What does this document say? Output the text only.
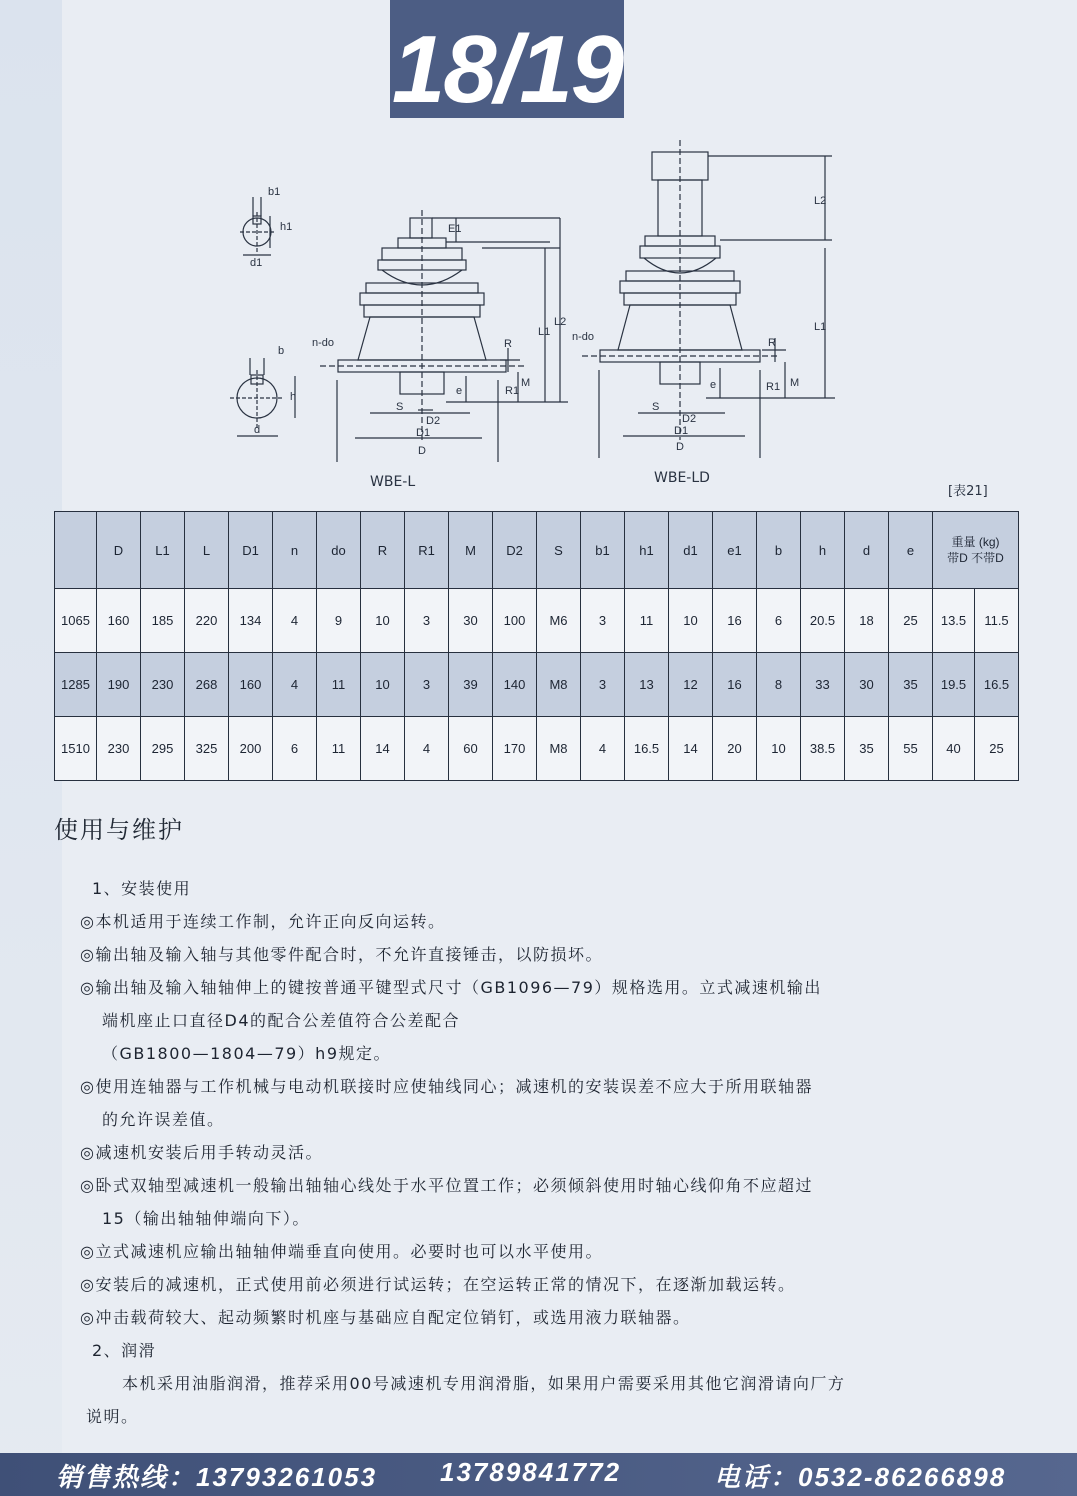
18/19
b1
h1
d1
b
h
d
E1
L1
L2
n-do	R
R1
M
e
S
D2
D1
D
L2
L1
n-do	R
R1 M
e
S
D2
D1
D
WBE-L	WBE-LD
[表21]
	D	L1	L	D1	n	do	R	R1	M	D2	S	b1	h1	d1	e1	b	h	d	e	重量 (kg)
带D 不带D	
1065	160	185	220	134	4	9	10	3	30	100	M6	3	11	10	16	6	20.5	18	25	13.5	11.5
1285	190	230	268	160	4	11	10	3	39	140	M8	3	13	12	16	8	33	30	35	19.5	16.5
1510	230	295	325	200	6	11	14	4	60	170	M8	4	16.5	14	20	10	38.5	35	55	40	25
使用与维护

1、安装使用

◎本机适用于连续工作制，允许正向反向运转。

◎输出轴及输入轴与其他零件配合时，不允许直接锤击，以防损坏。

◎输出轴及输入轴轴伸上的键按普通平键型式尺寸（GB1096—79）规格选用。立式减速机输出

端机座止口直径D4的配合公差值符合公差配合

（GB1800—1804—79）h9规定。

◎使用连轴器与工作机械与电动机联接时应使轴线同心；减速机的安装误差不应大于所用联轴器

的允许误差值。

◎减速机安装后用手转动灵活。

◎卧式双轴型减速机一般输出轴轴心线处于水平位置工作；必须倾斜使用时轴心线仰角不应超过

15（输出轴轴伸端向下）。

◎立式减速机应输出轴轴伸端垂直向使用。必要时也可以水平使用。

◎安装后的减速机，正式使用前必须进行试运转；在空运转正常的情况下，在逐渐加载运转。

◎冲击载荷较大、起动频繁时机座与基础应自配定位销钉，或选用液力联轴器。

2、润滑

本机采用油脂润滑，推荐采用00号减速机专用润滑脂，如果用户需要采用其他它润滑请向厂方

说明。

销售热线：13793261053 13789841772	电话：0532-86266898
